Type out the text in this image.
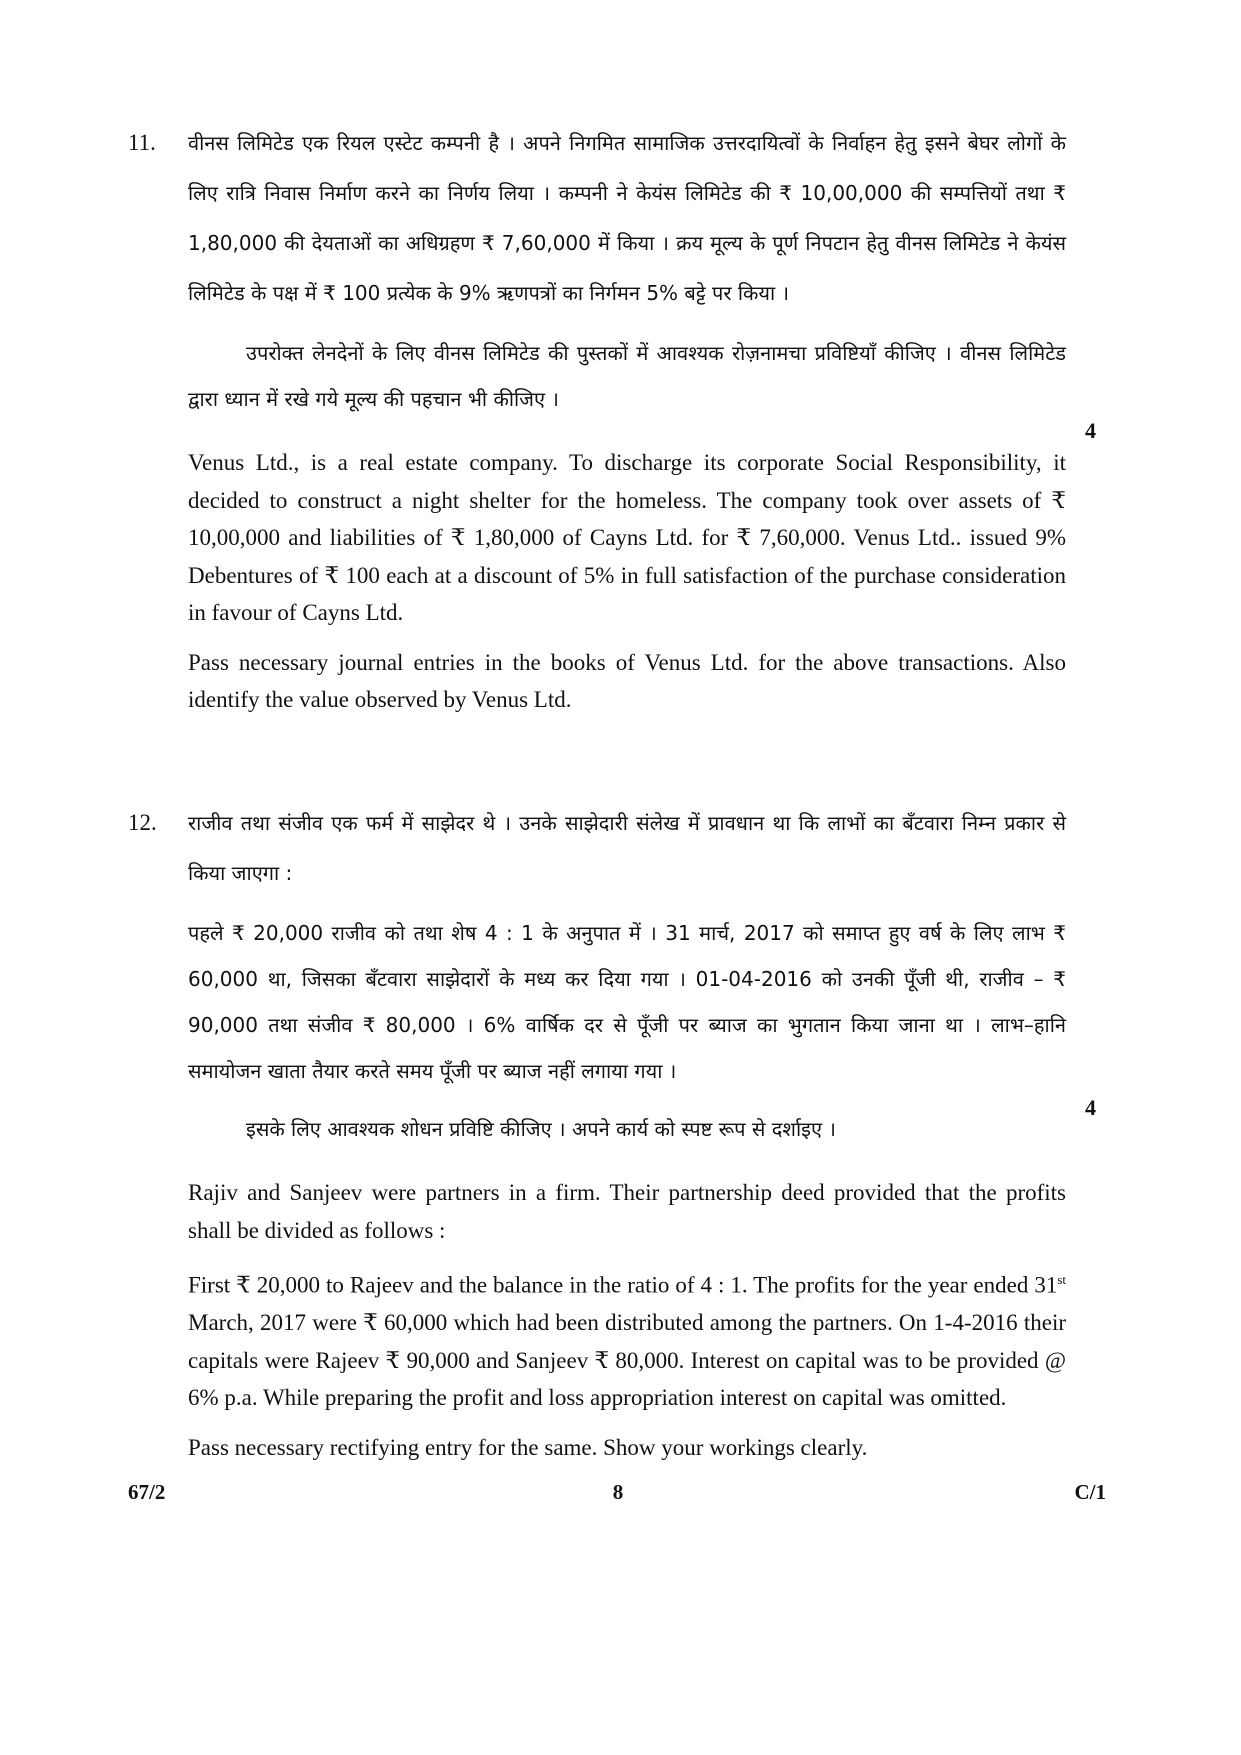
11. वीनस लिमिटेड एक रियल एस्टेट कम्पनी है । अपने निगमित सामाजिक उत्तरदायित्वों के निर्वाहन हेतु इसने बेघर लोगों के लिए रात्रि निवास निर्माण करने का निर्णय लिया । कम्पनी ने केयंस लिमिटेड की ₹ 10,00,000 की सम्पत्तियों तथा ₹ 1,80,000 की देयताओं का अधिग्रहण ₹ 7,60,000 में किया । क्रय मूल्य के पूर्ण निपटान हेतु वीनस लिमिटेड ने केयंस लिमिटेड के पक्ष में ₹ 100 प्रत्येक के 9% ऋणपत्रों का निर्गमन 5% बट्टे पर किया ।

उपरोक्त लेनदेनों के लिए वीनस लिमिटेड की पुस्तकों में आवश्यक रोज़नामचा प्रविष्टियाँ कीजिए । वीनस लिमिटेड द्वारा ध्यान में रखे गये मूल्य की पहचान भी कीजिए ।

Venus Ltd., is a real estate company. To discharge its corporate Social Responsibility, it decided to construct a night shelter for the homeless. The company took over assets of ₹ 10,00,000 and liabilities of ₹ 1,80,000 of Cayns Ltd. for ₹ 7,60,000. Venus Ltd.. issued 9% Debentures of ₹ 100 each at a discount of 5% in full satisfaction of the purchase consideration in favour of Cayns Ltd.

Pass necessary journal entries in the books of Venus Ltd. for the above transactions. Also identify the value observed by Venus Ltd.

4
12. राजीव तथा संजीव एक फर्म में साझेदर थे । उनके साझेदारी संलेख में प्रावधान था कि लाभों का बँटवारा निम्न प्रकार से किया जाएगा :

पहले ₹ 20,000 राजीव को तथा शेष 4 : 1 के अनुपात में । 31 मार्च, 2017 को समाप्त हुए वर्ष के लिए लाभ ₹ 60,000 था, जिसका बँटवारा साझेदारों के मध्य कर दिया गया । 01-04-2016 को उनकी पूँजी थी, राजीव – ₹ 90,000 तथा संजीव ₹ 80,000 । 6% वार्षिक दर से पूँजी पर ब्याज का भुगतान किया जाना था । लाभ–हानि समायोजन खाता तैयार करते समय पूँजी पर ब्याज नहीं लगाया गया ।

इसके लिए आवश्यक शोधन प्रविष्टि कीजिए । अपने कार्य को स्पष्ट रूप से दर्शाइए ।

Rajiv and Sanjeev were partners in a firm. Their partnership deed provided that the profits shall be divided as follows :

First ₹ 20,000 to Rajeev and the balance in the ratio of 4 : 1. The profits for the year ended 31st March, 2017 were ₹ 60,000 which had been distributed among the partners. On 1-4-2016 their capitals were Rajeev ₹ 90,000 and Sanjeev ₹ 80,000. Interest on capital was to be provided @ 6% p.a. While preparing the profit and loss appropriation interest on capital was omitted.

Pass necessary rectifying entry for the same. Show your workings clearly.

4
67/2	8	C/1
